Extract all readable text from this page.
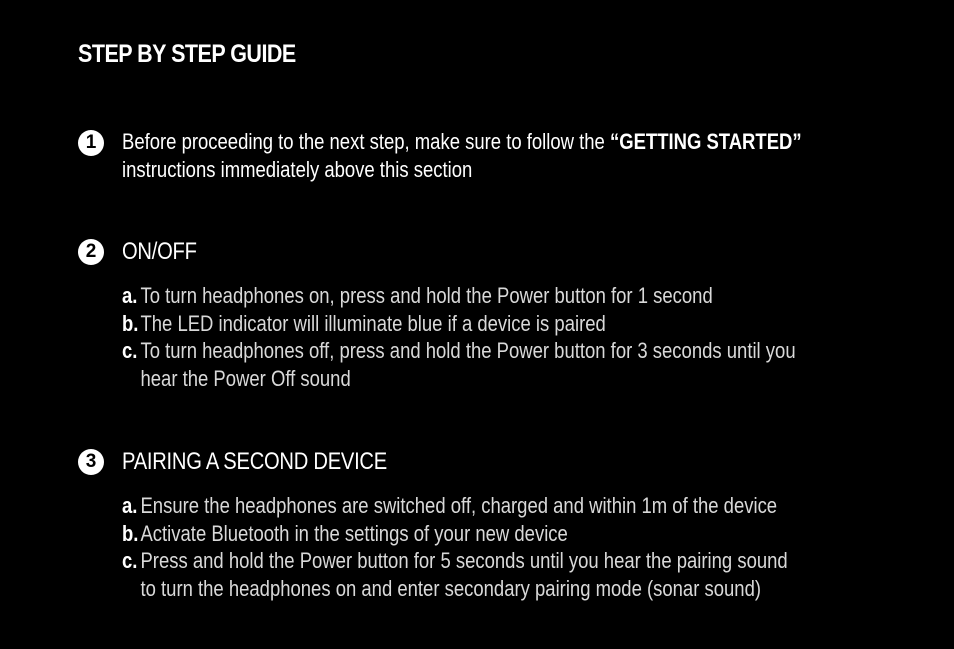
STEP BY STEP GUIDE
1	Before proceeding to the next step, make sure to follow the “GETTING STARTED”
instructions immediately above this section
2	ON/OFF
a. To turn headphones on, press and hold the Power button for 1 second
b.The LED indicator will illuminate blue if a device is paired
c. To turn headphones off, press and hold the Power button for 3 seconds until you
hear the Power Off sound
3	PAIRING A SECOND DEVICE
a. Ensure the headphones are switched off, charged and within 1m of the device
b.Activate Bluetooth in the settings of your new device
c. Press and hold the Power button for 5 seconds until you hear the pairing sound
to turn the headphones on and enter secondary pairing mode (sonar sound)
